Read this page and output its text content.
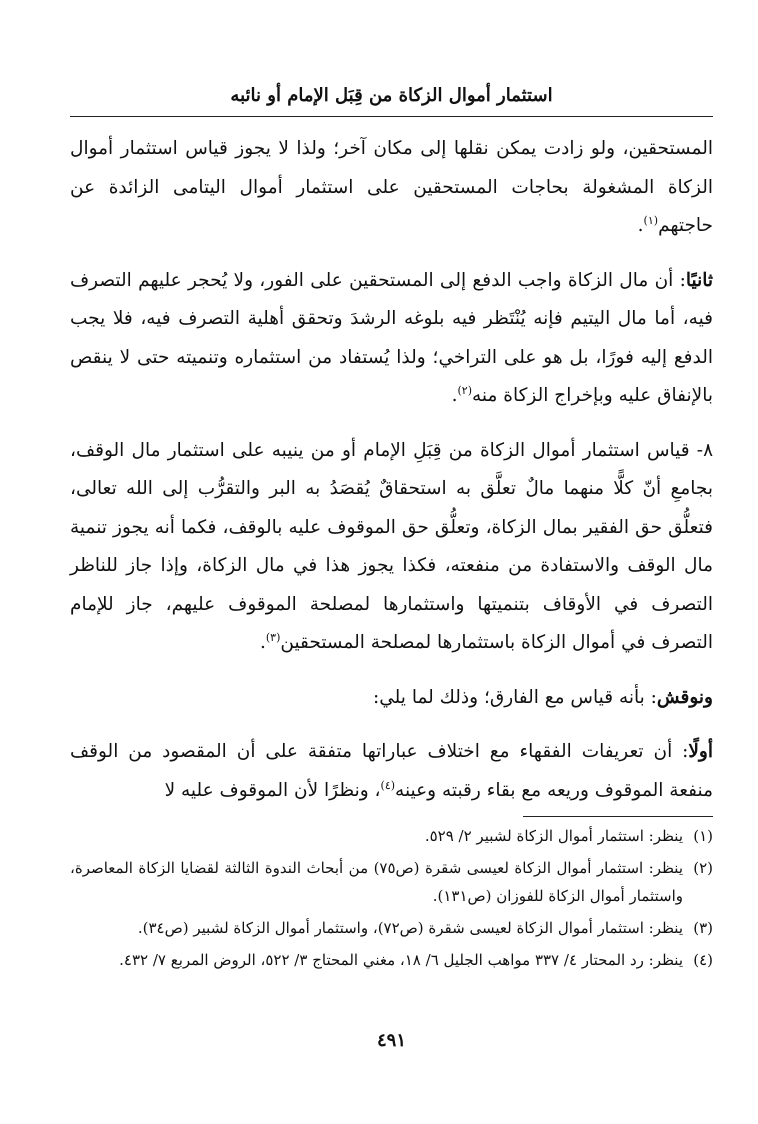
استثمار أموال الزكاة من قِبَل الإمام أو نائبه

المستحقين، ولو زادت يمكن نقلها إلى مكان آخر؛ ولذا لا يجوز قياس استثمار أموال الزكاة المشغولة بحاجات المستحقين على استثمار أموال اليتامى الزائدة عن حاجتهم$^{(١)}$.

ثانيًا: أن مال الزكاة واجب الدفع إلى المستحقين على الفور، ولا يُحجر عليهم التصرف فيه، أما مال اليتيم فإنه يُنْتَظر فيه بلوغه الرشدَ وتحقق أهلية التصرف فيه، فلا يجب الدفع إليه فورًا، بل هو على التراخي؛ ولذا يُستفاد من استثماره وتنميته حتى لا ينقص بالإنفاق عليه وبإخراج الزكاة منه$^{(٢)}$.

٨- قياس استثمار أموال الزكاة من قِبَلِ الإمام أو من ينيبه على استثمار مال الوقف، بجامعِ أنّ كلًّا منهما مالٌ تعلَّق به استحقاقٌ يُقصَدُ به البر والتقرُّب إلى الله تعالى، فتعلُّق حق الفقير بمال الزكاة، وتعلُّق حق الموقوف عليه بالوقف، فكما أنه يجوز تنمية مال الوقف والاستفادة من منفعته، فكذا يجوز هذا في مال الزكاة، وإذا جاز للناظر التصرف في الأوقاف بتنميتها واستثمارها لمصلحة الموقوف عليهم، جاز للإمام التصرف في أموال الزكاة باستثمارها لمصلحة المستحقين$^{(٣)}$.

ونوقش: بأنه قياس مع الفارق؛ وذلك لما يلي:

أولًا: أن تعريفات الفقهاء مع اختلاف عباراتها متفقة على أن المقصود من الوقف منفعة الموقوف وريعه مع بقاء رقبته وعينه$^{(٤)}$، ونظرًا لأن الموقوف عليه لا

(١)
ينظر: استثمار أموال الزكاة لشبير ٢/ ٥٢٩.
(٢)
ينظر: استثمار أموال الزكاة لعيسى شقرة (ص٧٥) من أبحاث الندوة الثالثة لقضايا الزكاة المعاصرة، واستثمار أموال الزكاة للفوزان (ص١٣١).
(٣)
ينظر: استثمار أموال الزكاة لعيسى شقرة (ص٧٢)، واستثمار أموال الزكاة لشبير (ص٣٤).
(٤)
ينظر: رد المحتار ٤/ ٣٣٧ مواهب الجليل ٦/ ١٨، مغني المحتاج ٣/ ٥٢٢، الروض المربع ٧/ ٤٣٢.
٤٩١
